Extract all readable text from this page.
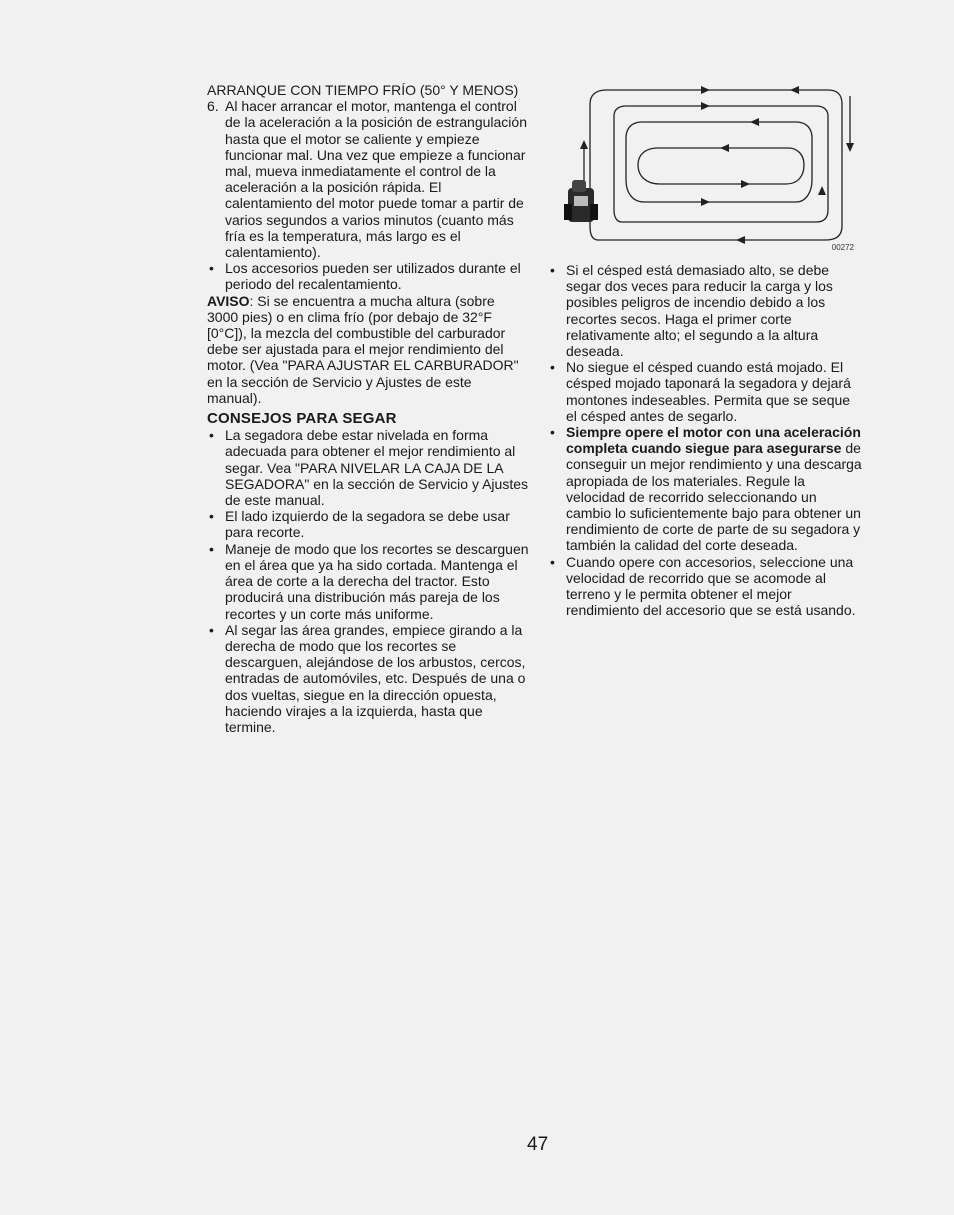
ARRANQUE CON TIEMPO FRÍO (50° Y MENOS)

6. Al hacer arrancar el motor, mantenga el control de la aceleración a la posición de estrangulación hasta que el motor se caliente y empieze funcionar mal. Una vez que empieze a funcionar mal, mueva inmediatamente el control de la aceleración a la posición rápida. El calentamiento del motor puede tomar a partir de varios segundos a varios minutos (cuanto más fría es la temperatura, más largo es el calentamiento).

• Los accesorios pueden ser utilizados durante el periodo del recalentamiento.

AVISO: Si se encuentra a mucha altura (sobre 3000 pies) o en clima frío (por debajo de 32°F [0°C]), la mezcla del combustible del carburador debe ser ajustada para el mejor rendimiento del motor. (Vea "PARA AJUSTAR EL CARBURADOR" en la sección de Servicio y Ajustes de este manual).

CONSEJOS PARA SEGAR

• La segadora debe estar nivelada en forma adecuada para obtener el mejor rendimiento al segar. Vea "PARA NIVELAR LA CAJA DE LA SEGADORA" en la sección de Servicio y Ajustes de este manual.

• El lado izquierdo de la segadora se debe usar para recorte.

• Maneje de modo que los recortes se descarguen en el área que ya ha sido cortada. Mantenga el área de corte a la derecha del tractor. Esto producirá una distribución más pareja de los recortes y un corte más uniforme.

• Al segar las área grandes, empiece girando a la derecha de modo que los recortes se descarguen, alejándose de los arbustos, cercos, entradas de automóviles, etc. Después de una o dos vueltas, siegue en la dirección opuesta, haciendo virajes a la izquierda, hasta que termine.

00272

• Si el césped está demasiado alto, se debe segar dos veces para reducir la carga y los posibles peligros de incendio debido a los recortes secos. Haga el primer corte relativamente alto; el segundo a la altura deseada.

• No siegue el césped cuando está mojado. El césped mojado taponará la segadora y dejará montones indeseables. Permita que se seque el césped antes de segarlo.

• Siempre opere el motor con una aceleración completa cuando siegue para asegurarse de conseguir un mejor rendimiento y una descarga apropiada de los materiales. Regule la velocidad de recorrido seleccionando un cambio lo suficientemente bajo para obtener un rendimiento de corte de parte de su segadora y también la calidad del corte deseada.

• Cuando opere con accesorios, seleccione una velocidad de recorrido que se acomode al terreno y le permita obtener el mejor rendimiento del accesorio que se está usando.

47
